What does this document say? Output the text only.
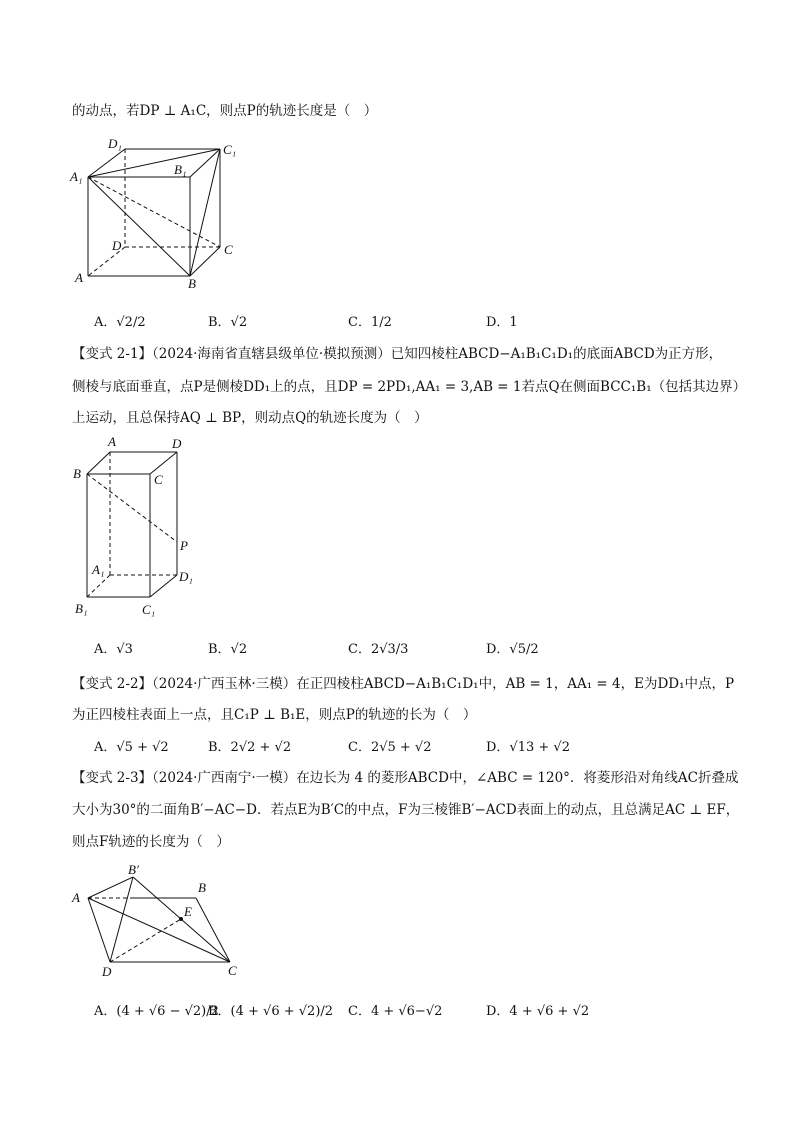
的动点，若DP ⊥ A₁C，则点P的轨迹长度是（　）
D₁	C₁
A₁	B₁
D	C
A	B
A．√2/2	B．√2	C．1/2	D．1
【变式 2-1】（2024·海南省直辖县级单位·模拟预测）已知四棱柱ABCD−A₁B₁C₁D₁的底面ABCD为正方形，
侧棱与底面垂直，点P是侧棱DD₁上的点，且DP = 2PD₁,AA₁ = 3,AB = 1若点Q在侧面BCC₁B₁（包括其边界）
上运动，且总保持AQ ⊥ BP，则动点Q的轨迹长度为（　）
A	D
B	C
P
A₁	D₁
B₁	C₁
A．√3	B．√2	C．2√3/3	D．√5/2
【变式 2-2】（2024·广西玉林·三模）在正四棱柱ABCD−A₁B₁C₁D₁中，AB = 1，AA₁ = 4，E为DD₁中点，P
为正四棱柱表面上一点，且C₁P ⊥ B₁E，则点P的轨迹的长为（　）
A．√5 + √2	B．2√2 + √2	C．2√5 + √2	D．√13 + √2
【变式 2-3】（2024·广西南宁·一模）在边长为 4 的菱形ABCD中，∠ABC = 120°．将菱形沿对角线AC折叠成
大小为30°的二面角B′−AC−D．若点E为B′C的中点，F为三棱锥B′−ACD表面上的动点，且总满足AC ⊥ EF，
则点F轨迹的长度为（　）
B′
B
A
E
D	C
A．(4 + √6 − √2)/2
B．(4 + √6 + √2)/2 C．4 + √6−√2	D．4 + √6 + √2
